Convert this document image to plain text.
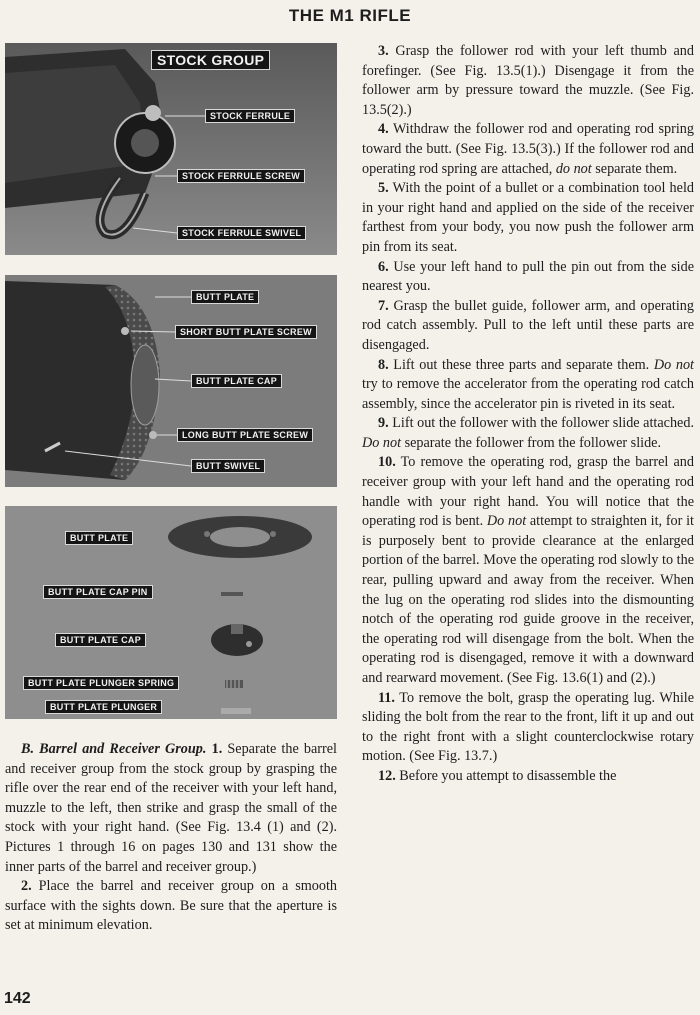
THE M1 RIFLE
STOCK GROUP
STOCK FERRULE
STOCK FERRULE SCREW
STOCK FERRULE SWIVEL
BUTT PLATE
SHORT BUTT PLATE SCREW
BUTT PLATE CAP
LONG BUTT PLATE SCREW
BUTT SWIVEL
BUTT PLATE
BUTT PLATE CAP PIN
BUTT PLATE CAP
BUTT PLATE PLUNGER SPRING
BUTT PLATE PLUNGER

B. Barrel and Receiver Group. 1. Separate the barrel and receiver group from the stock group by grasping the rifle over the rear end of the receiver with your left hand, muzzle to the left, then strike and grasp the small of the stock with your right hand. (See Fig. 13.4 (1) and (2). Pictures 1 through 16 on pages 130 and 131 show the inner parts of the barrel and receiver group.)

2. Place the barrel and receiver group on a smooth surface with the sights down. Be sure that the aperture is set at minimum elevation.

3. Grasp the follower rod with your left thumb and forefinger. (See Fig. 13.5(1).) Disengage it from the follower arm by pressure toward the muzzle. (See Fig. 13.5(2).)

4. Withdraw the follower rod and operating rod spring toward the butt. (See Fig. 13.5(3).) If the follower rod and operating rod spring are attached, do not separate them.

5. With the point of a bullet or a combination tool held in your right hand and applied on the side of the receiver farthest from your body, you now push the follower arm pin from its seat.

6. Use your left hand to pull the pin out from the side nearest you.

7. Grasp the bullet guide, follower arm, and operating rod catch assembly. Pull to the left until these parts are disengaged.

8. Lift out these three parts and separate them. Do not try to remove the accelerator from the operating rod catch assembly, since the accelerator pin is riveted in its seat.

9. Lift out the follower with the follower slide attached. Do not separate the follower from the follower slide.

10. To remove the operating rod, grasp the barrel and receiver group with your left hand and the operating rod handle with your right hand. You will notice that the operating rod is bent. Do not attempt to straighten it, for it is purposely bent to provide clearance at the enlarged portion of the barrel. Move the operating rod slowly to the rear, pulling upward and away from the receiver. When the lug on the operating rod slides into the dismounting notch of the operating rod guide groove in the receiver, the operating rod will disengage from the bolt. When the operating rod is disengaged, remove it with a downward and rearward movement. (See Fig. 13.6(1) and (2).)

11. To remove the bolt, grasp the operating lug. While sliding the bolt from the rear to the front, lift it up and out to the right front with a slight counterclockwise rotary motion. (See Fig. 13.7.)

12. Before you attempt to disassemble the

142
